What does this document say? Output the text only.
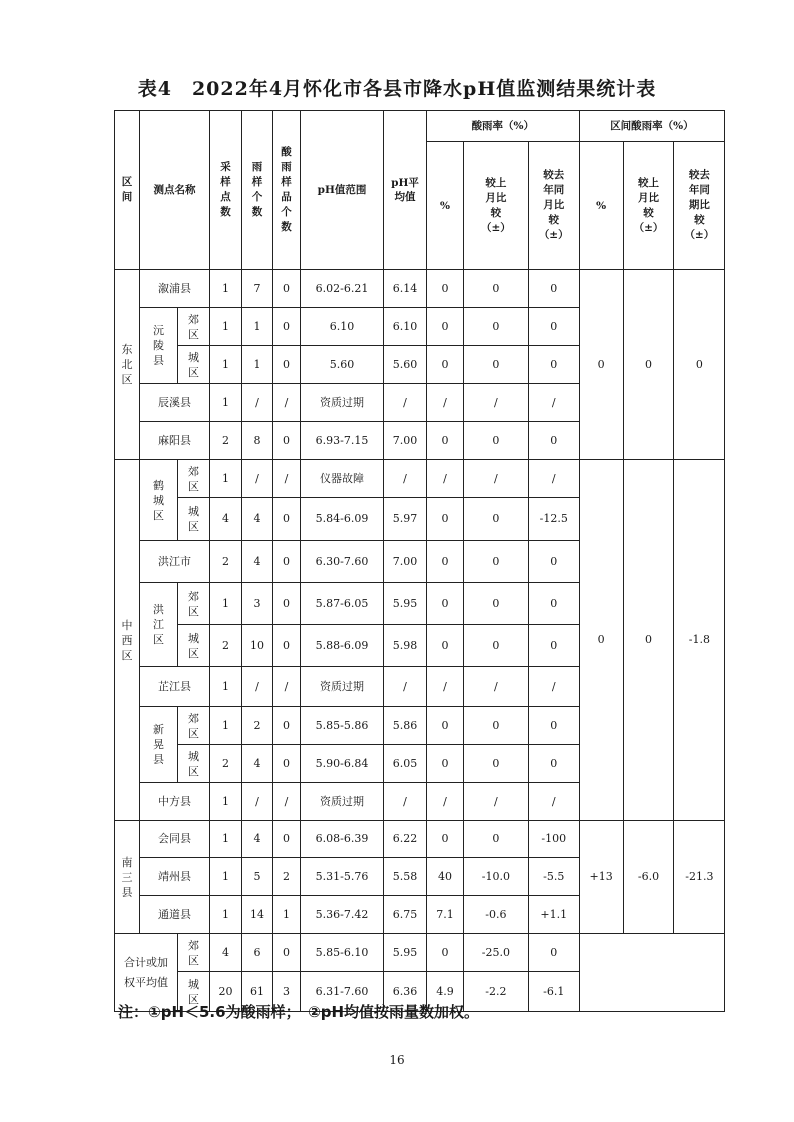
表4　2022年4月怀化市各县市降水pH值监测结果统计表
区间	测点名称		采样点数	雨样个数	酸雨样品个数	pH值范围	pH平均值	酸雨率（%）			区间酸雨率（%）		
								%	较上月比较（±）	较去年同月比较（±）	%	较上月比较（±）	较去年同期比较（±）
东北区	溆浦县		1	7	0	6.02-6.21	6.14	0	0	0	0	0	0
	沅陵县	郊区	1	1	0	6.10	6.10	0	0	0			
		城区	1	1	0	5.60	5.60	0	0	0			
	辰溪县		1	/	/	资质过期	/	/	/	/			
	麻阳县		2	8	0	6.93-7.15	7.00	0	0	0			
中西区	鹤城区	郊区	1	/	/	仪器故障	/	/	/	/	0	0	-1.8
		城区	4	4	0	5.84-6.09	5.97	0	0	-12.5			
	洪江市		2	4	0	6.30-7.60	7.00	0	0	0			
	洪江区	郊区	1	3	0	5.87-6.05	5.95	0	0	0			
		城区	2	10	0	5.88-6.09	5.98	0	0	0			
	芷江县		1	/	/	资质过期	/	/	/	/			
	新晃县	郊区	1	2	0	5.85-5.86	5.86	0	0	0			
		城区	2	4	0	5.90-6.84	6.05	0	0	0			
	中方县		1	/	/	资质过期	/	/	/	/			
南三县	会同县		1	4	0	6.08-6.39	6.22	0	0	-100	+13	-6.0	-21.3
	靖州县		1	5	2	5.31-5.76	5.58	40	-10.0	-5.5			
	通道县		1	14	1	5.36-7.42	6.75	7.1	-0.6	+1.1			
合计或加权平均值		郊区	4	6	0	5.85-6.10	5.95	0	-25.0	0			
		城区	20	61	3	6.31-7.60	6.36	4.9	-2.2	-6.1			
注：①pH＜5.6为酸雨样；　②pH均值按雨量数加权。
16
